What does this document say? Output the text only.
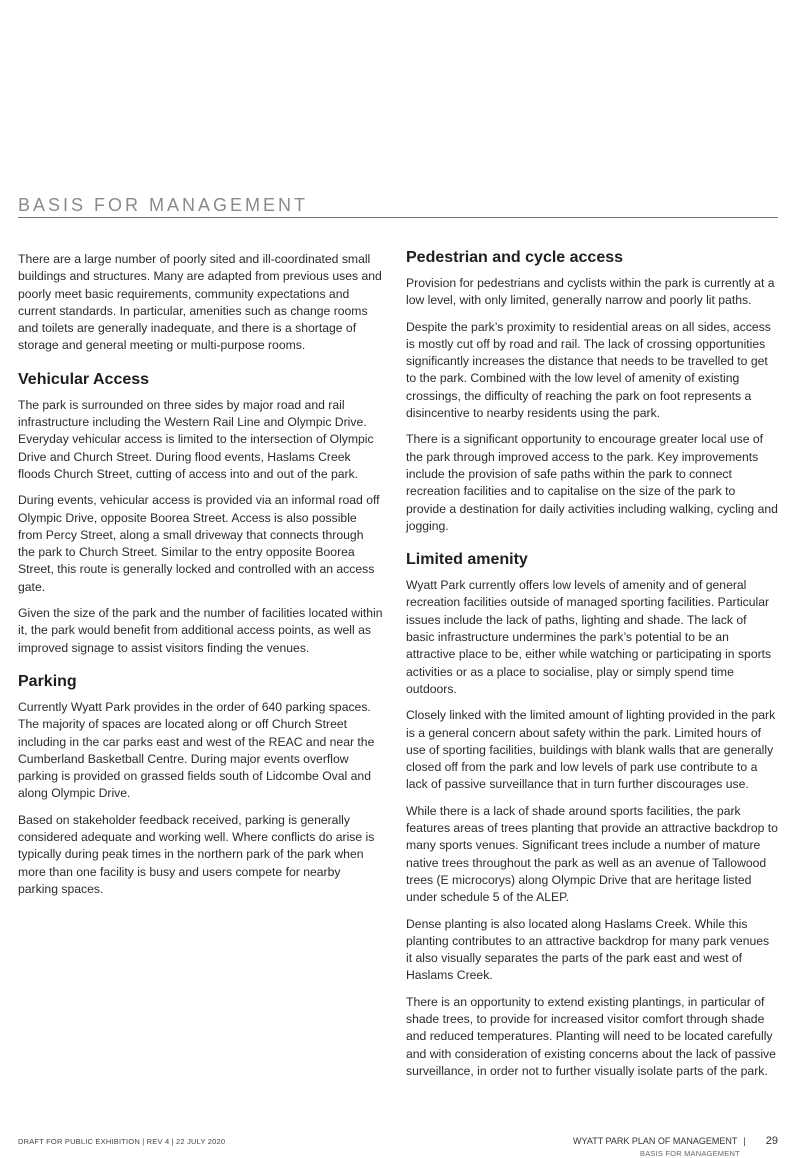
BASIS FOR MANAGEMENT

There are a large number of poorly sited and ill-coordinated small buildings and structures. Many are adapted from previous uses and poorly meet basic requirements, community expectations and current standards. In particular, amenities such as change rooms and toilets are generally inadequate, and there is a shortage of storage and general meeting or multi-purpose rooms.

Vehicular Access

The park is surrounded on three sides by major road and rail infrastructure including the Western Rail Line and Olympic Drive. Everyday vehicular access is limited to the intersection of Olympic Drive and Church Street. During flood events, Haslams Creek floods Church Street, cutting of access into and out of the park.

During events, vehicular access is provided via an informal road off Olympic Drive, opposite Boorea Street. Access is also possible from Percy Street, along a small driveway that connects through the park to Church Street. Similar to the entry opposite Boorea Street, this route is generally locked and controlled with an access gate.

Given the size of the park and the number of facilities located within it, the park would benefit from additional access points, as well as improved signage to assist visitors finding the venues.

Parking

Currently Wyatt Park provides in the order of 640 parking spaces. The majority of spaces are located along or off Church Street including in the car parks east and west of the REAC and near the Cumberland Basketball Centre. During major events overflow parking is provided on grassed fields south of Lidcombe Oval and along Olympic Drive.

Based on stakeholder feedback received, parking is generally considered adequate and working well. Where conflicts do arise is typically during peak times in the northern park of the park when more than one facility is busy and users compete for nearby parking spaces.

Pedestrian and cycle access

Provision for pedestrians and cyclists within the park is currently at a low level, with only limited, generally narrow and poorly lit paths.

Despite the park’s proximity to residential areas on all sides, access is mostly cut off by road and rail. The lack of crossing opportunities significantly increases the distance that needs to be travelled to get to the park. Combined with the low level of amenity of existing crossings, the difficulty of reaching the park on foot represents a disincentive to nearby residents using the park.

There is a significant opportunity to encourage greater local use of the park through improved access to the park. Key improvements include the provision of safe paths within the park to connect recreation facilities and to capitalise on the size of the park to provide a destination for daily activities including walking, cycling and jogging.

Limited amenity

Wyatt Park currently offers low levels of amenity and of general recreation facilities outside of managed sporting facilities. Particular issues include the lack of paths, lighting and shade. The lack of basic infrastructure undermines the park’s potential to be an attractive place to be, either while watching or participating in sports activities or as a place to socialise, play or simply spend time outdoors.

Closely linked with the limited amount of lighting provided in the park is a general concern about safety within the park. Limited hours of use of sporting facilities, buildings with blank walls that are generally closed off from the park and low levels of park use contribute to a lack of passive surveillance that in turn further discourages use.

While there is a lack of shade around sports facilities, the park features areas of trees planting that provide an attractive backdrop to many sports venues. Significant trees include a number of mature native trees throughout the park as well as an avenue of Tallowood trees (E microcorys) along Olympic Drive that are heritage listed under schedule 5 of the ALEP.

Dense planting is also located along Haslams Creek. While this planting contributes to an attractive backdrop for many park venues it also visually separates the parts of the park east and west of Haslams Creek.

There is an opportunity to extend existing plantings, in particular of shade trees, to provide for increased visitor comfort through shade and reduced temperatures. Planting will need to be located carefully and with consideration of existing concerns about the lack of passive surveillance, in order not to further visually isolate parts of the park.

DRAFT FOR PUBLIC EXHIBITION | REV 4 | 22 JULY 2020	WYATT PARK PLAN OF MANAGEMENT | 29
BASIS FOR MANAGEMENT
